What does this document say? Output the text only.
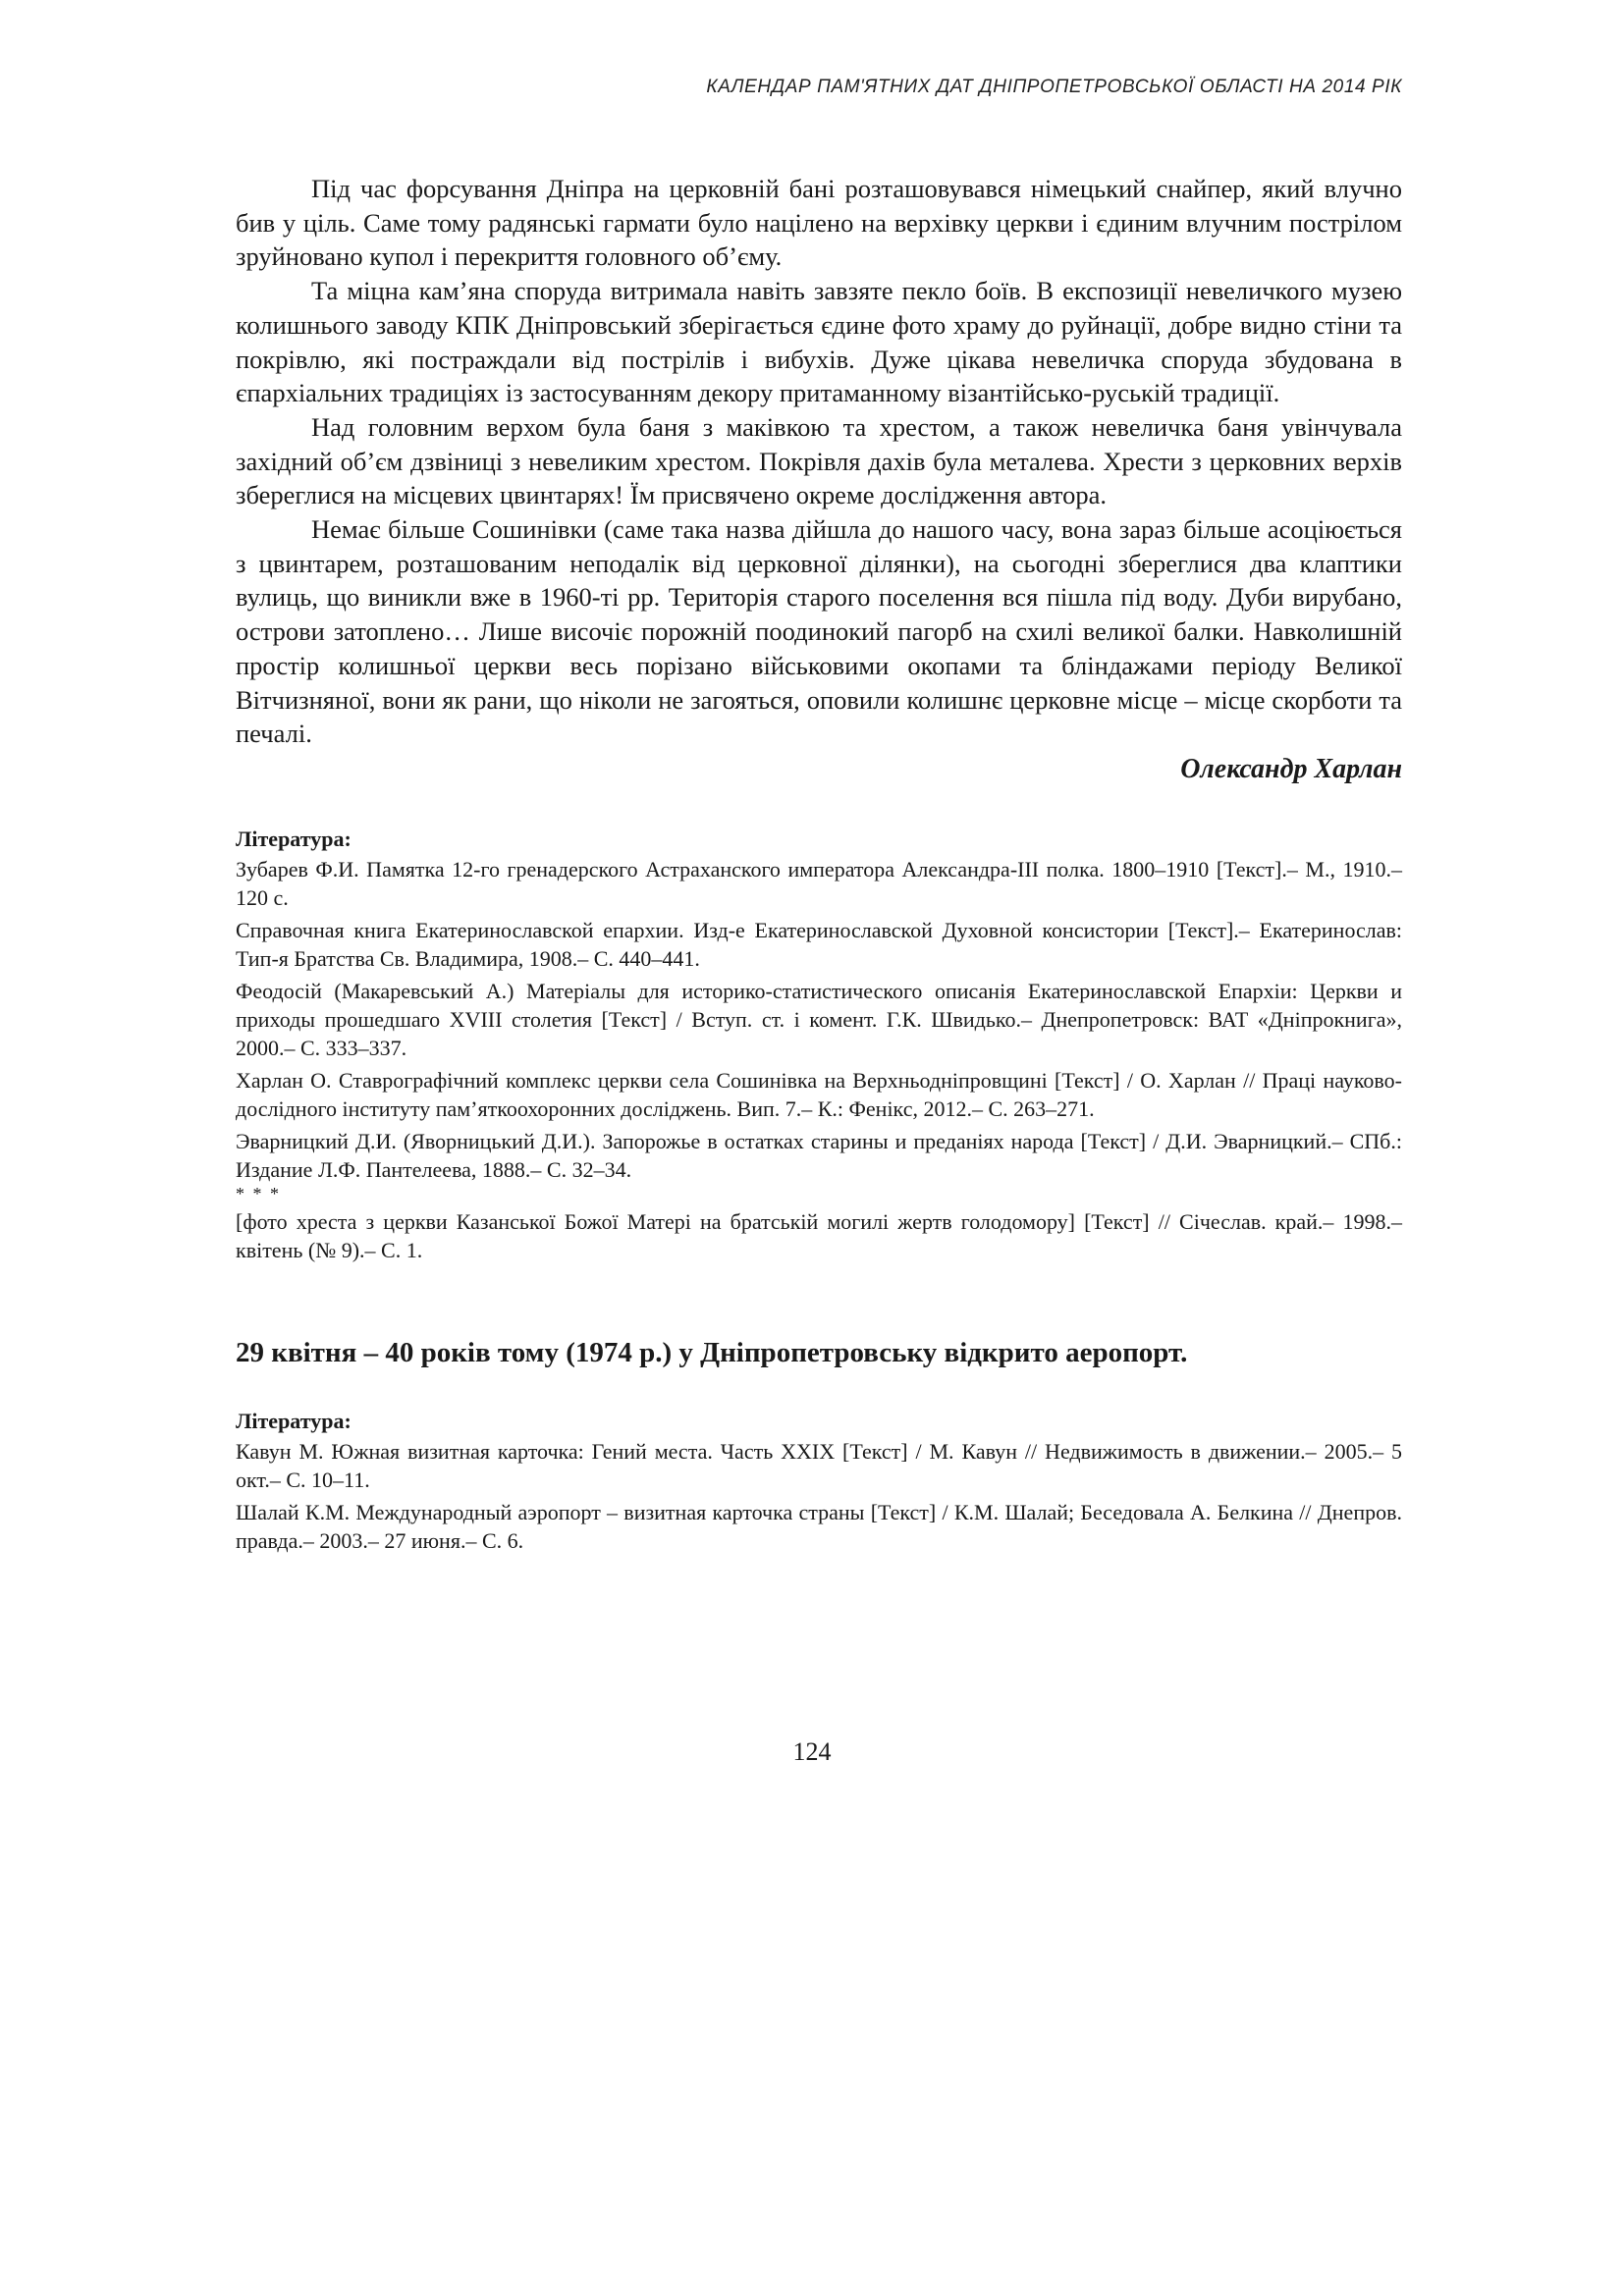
КАЛЕНДАР ПАМ'ЯТНИХ ДАТ ДНІПРОПЕТРОВСЬКОЇ ОБЛАСТІ НА 2014 РІК

Під час форсування Дніпра на церковній бані розташовувався німецький снайпер, який влучно бив у ціль. Саме тому радянські гармати було націлено на верхівку церкви і єдиним влучним пострілом зруйновано купол і перекриття головного об’єму.

Та міцна кам’яна споруда витримала навіть завзяте пекло боїв. В експозиції невеличкого музею колишнього заводу КПК Дніпровський зберігається єдине фото храму до руйнації, добре видно стіни та покрівлю, які постраждали від пострілів і вибухів. Дуже цікава невеличка споруда збудована в єпархіальних традиціях із застосуванням декору притаманному візантійсько-руській традиції.

Над головним верхом була баня з маківкою та хрестом, а також невеличка баня увінчувала західний об’єм дзвіниці з невеликим хрестом. Покрівля дахів була металева. Хрести з церковних верхів збереглися на місцевих цвинтарях! Їм присвячено окреме дослідження автора.

Немає більше Сошинівки (саме така назва дійшла до нашого часу, вона зараз більше асоціюється з цвинтарем, розташованим неподалік від церковної ділянки), на сьогодні збереглися два клаптики вулиць, що виникли вже в 1960-ті рр. Територія старого поселення вся пішла під воду. Дуби вирубано, острови затоплено… Лише височіє порожній поодинокий пагорб на схилі великої балки. Навколишній простір колишньої церкви весь порізано військовими окопами та бліндажами періоду Великої Вітчизняної, вони як рани, що ніколи не загояться, оповили колишнє церковне місце – місце скорботи та печалі.

Олександр Харлан

Література:

Зубарев Ф.И. Памятка 12-го гренадерского Астраханского императора Александра-III полка. 1800–1910 [Текст].– М., 1910.– 120 с.

Справочная книга Екатеринославской епархии. Изд-е Екатеринославской Духовной консистории [Текст].– Екатеринослав: Тип-я Братства Св. Владимира, 1908.– С. 440–441.

Феодосій (Макаревський А.) Матеріалы для историко-статистического описанія Екатеринославской Епархіи: Церкви и приходы прошедшаго XVIII столетия [Текст] / Вступ. ст. і комент. Г.К. Швидько.– Днепропетровск: ВАТ «Дніпрокнига», 2000.– С. 333–337.

Харлан О. Ставрографічний комплекс церкви села Сошинівка на Верхньодніпровщині [Текст] / О. Харлан // Праці науково-дослідного інституту пам’яткоохоронних досліджень. Вип. 7.– К.: Фенікс, 2012.– С. 263–271.

Эварницкий Д.И. (Яворницький Д.И.). Запорожье в остатках старины и преданіях народа [Текст] / Д.И. Эварницкий.– СПб.: Издание Л.Ф. Пантелеева, 1888.– С. 32–34.

* * *

[фото хреста з церкви Казанської Божої Матері на братській могилі жертв голодомору] [Текст] // Січеслав. край.– 1998.– квітень (№ 9).– С. 1.

29 квітня – 40 років тому (1974 р.) у Дніпропетровську відкрито аеропорт.

Література:

Кавун М. Южная визитная карточка: Гений места. Часть XXIX [Текст] / М. Кавун // Недвижимость в движении.– 2005.– 5 окт.– С. 10–11.

Шалай К.М. Международный аэропорт – визитная карточка страны [Текст] / К.М. Шалай; Беседовала А. Белкина // Днепров. правда.– 2003.– 27 июня.– С. 6.

124
